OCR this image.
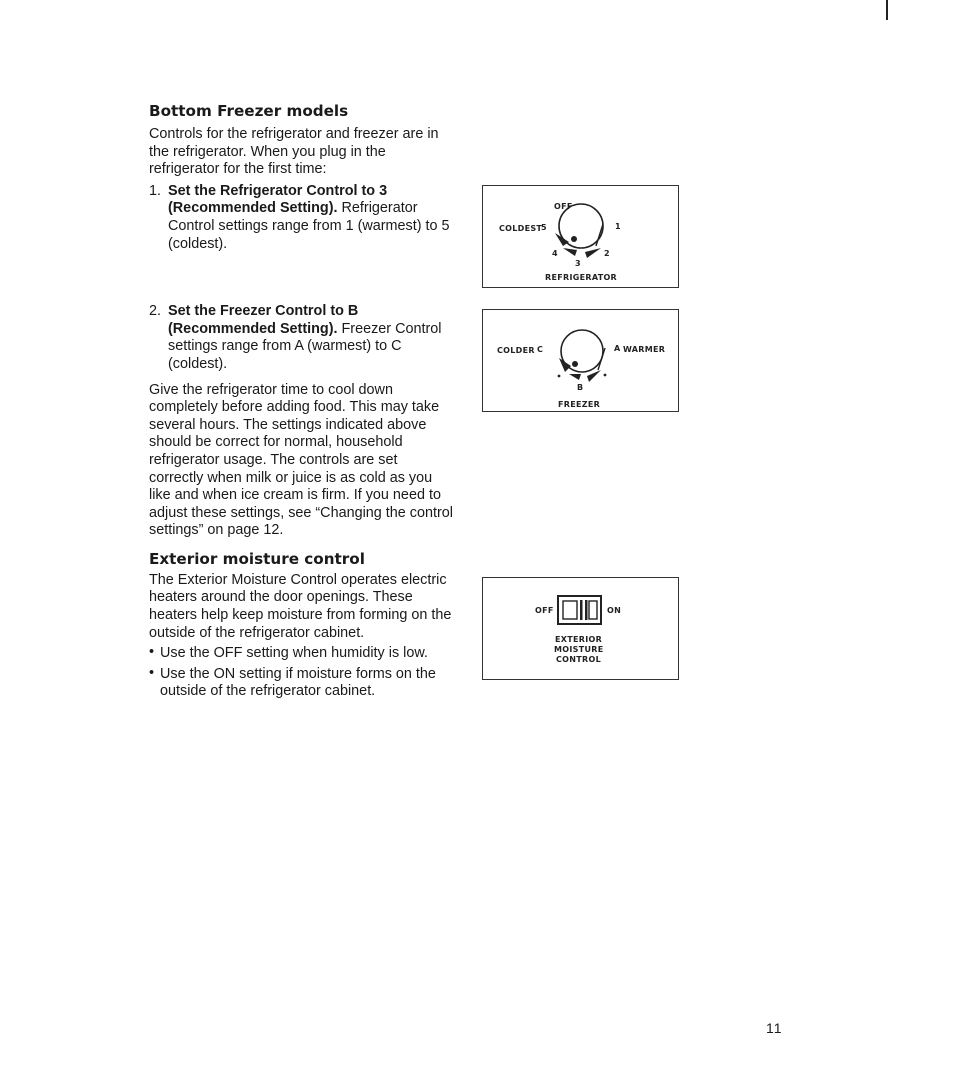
Bottom Freezer models

Controls for the refrigerator and freezer are in the refrigerator. When you plug in the refrigerator for the first time:

1. Set the Refrigerator Control to 3 (Recommended Setting). Refrigerator Control settings range from 1 (warmest) to 5 (coldest).
2. Set the Freezer Control to B (Recommended Setting). Freezer Control settings range from A (warmest) to C (coldest).

Give the refrigerator time to cool down completely before adding food. This may take several hours. The settings indicated above should be correct for normal, household refrigerator usage. The controls are set correctly when milk or juice is as cold as you like and when ice cream is firm. If you need to adjust these settings, see “Changing the control settings” on page 12.

Exterior moisture control

The Exterior Moisture Control operates electric heaters around the door openings. These heaters help keep moisture from forming on the outside of the refrigerator cabinet.

• Use the OFF setting when humidity is low.
• Use the ON setting if moisture forms on the outside of the refrigerator cabinet.
OFF
COLDEST
5
4
3
2
1
REFRIGERATOR
COLDER C	A WARMER
B
FREEZER
OFF	ON
EXTERIOR
MOISTURE
CONTROL
11
